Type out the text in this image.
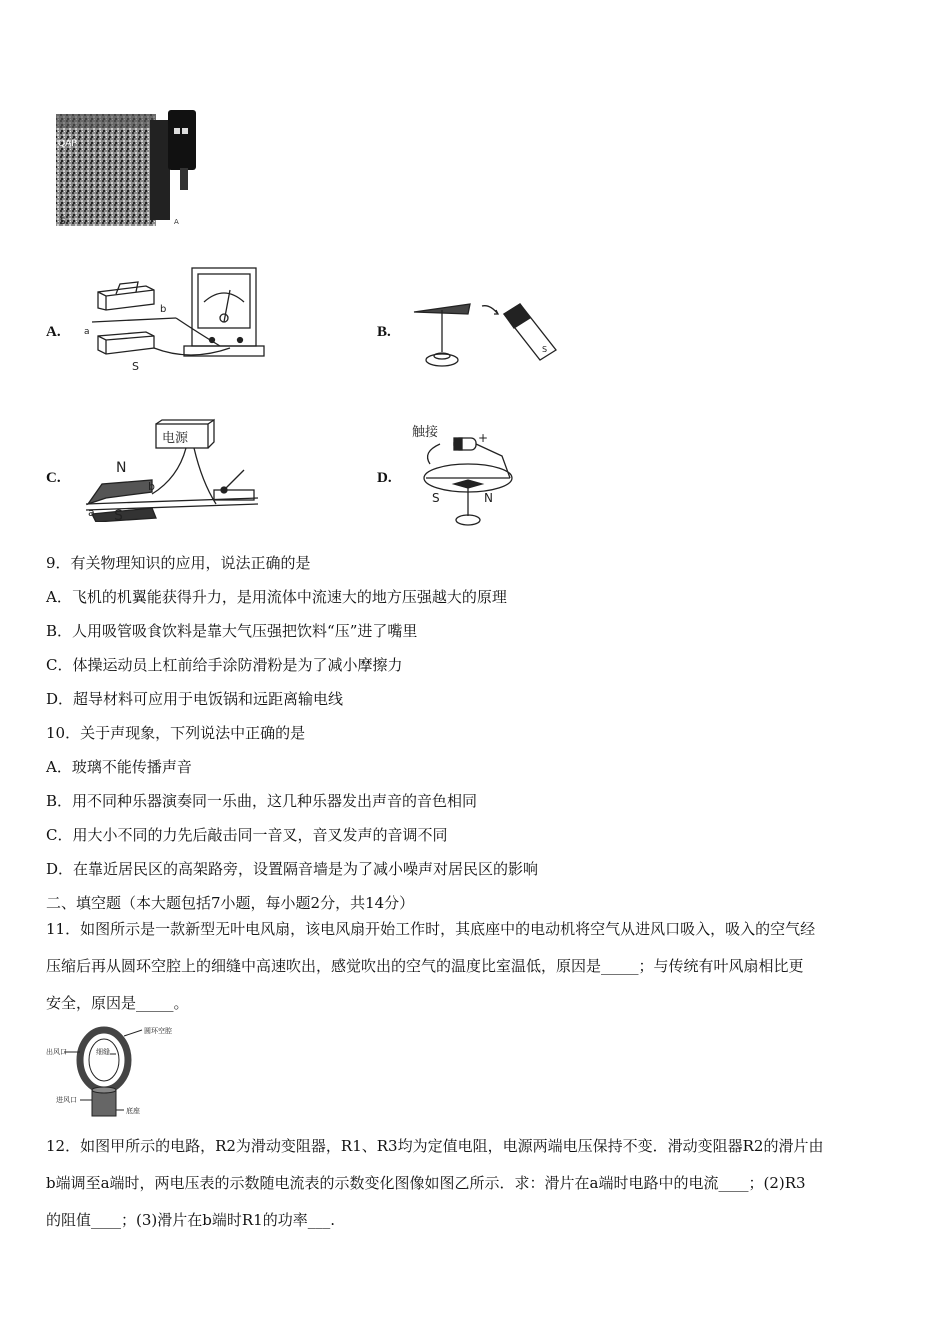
QAP
S	A
A.
b
a
S
B.
S
C.
电源
N
S
a
b
D.
触接	+
S	N
9．有关物理知识的应用，说法正确的是
A．飞机的机翼能获得升力，是用流体中流速大的地方压强越大的原理
B．人用吸管吸食饮料是靠大气压强把饮料“压”进了嘴里
C．体操运动员上杠前给手涂防滑粉是为了减小摩擦力
D．超导材料可应用于电饭锅和远距离输电线
10．关于声现象，下列说法中正确的是
A．玻璃不能传播声音
B．用不同种乐器演奏同一乐曲，这几种乐器发出声音的音色相同
C．用大小不同的力先后敲击同一音叉，音叉发声的音调不同
D．在靠近居民区的高架路旁，设置隔音墙是为了减小噪声对居民区的影响
二、填空题（本大题包括7小题，每小题2分，共14分）
11．如图所示是一款新型无叶电风扇，该电风扇开始工作时，其底座中的电动机将空气从进风口吸入，吸入的空气经
压缩后再从圆环空腔上的细缝中高速吹出，感觉吹出的空气的温度比室温低，原因是_____；与传统有叶风扇相比更
安全，原因是_____。
圆环空腔
出风口	细缝
进风口
底座
12．如图甲所示的电路，R2为滑动变阻器，R1、R3均为定值电阻，电源两端电压保持不变．滑动变阻器R2的滑片由
b端调至a端时，两电压表的示数随电流表的示数变化图像如图乙所示．求：滑片在a端时电路中的电流____；(2)R3
的阻值____；(3)滑片在b端时R1的功率___.
